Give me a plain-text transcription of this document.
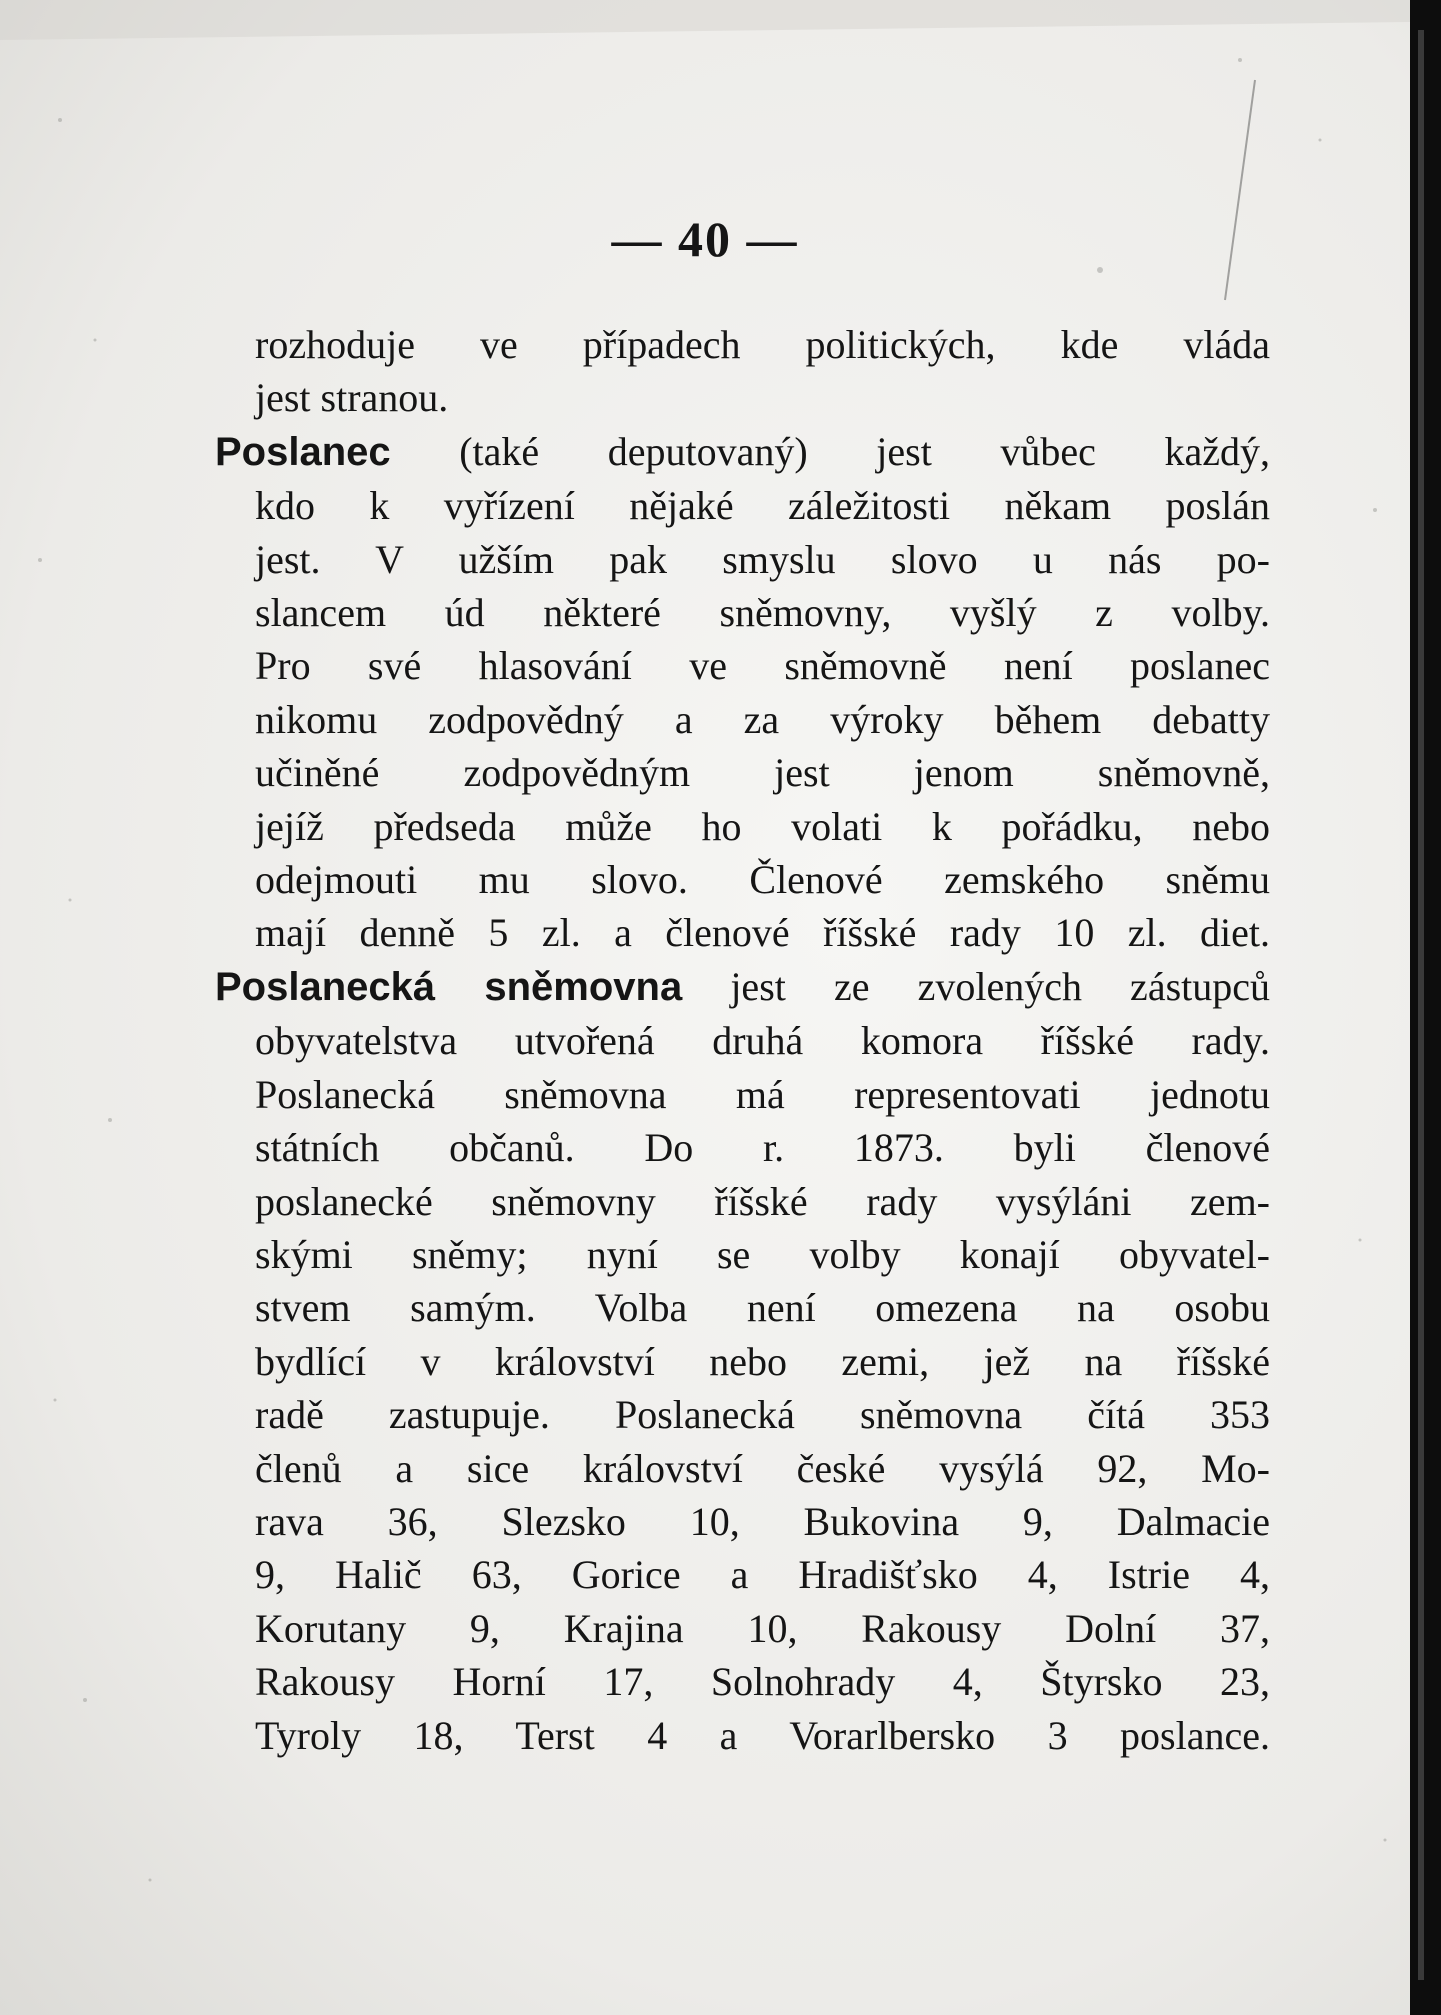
— 40 —
rozhoduje ve případech politických, kde vláda
jest stranou.
Poslanec (také deputovaný) jest vůbec každý,
kdo k vyřízení nějaké záležitosti někam poslán
jest. V užším pak smyslu slovo u nás po-
slancem úd některé sněmovny, vyšlý z volby.
Pro své hlasování ve sněmovně není poslanec
nikomu zodpovědný a za výroky během debatty
učiněné zodpovědným jest jenom sněmovně,
jejíž předseda může ho volati k pořádku, nebo
odejmouti mu slovo. Členové zemského sněmu
mají denně 5 zl. a členové říšské rady 10 zl. diet.
Poslanecká sněmovna jest ze zvolených zástupců
obyvatelstva utvořená druhá komora říšské rady.
Poslanecká sněmovna má representovati jednotu
státních občanů. Do r. 1873. byli členové
poslanecké sněmovny říšské rady vysýláni zem-
skými sněmy; nyní se volby konají obyvatel-
stvem samým. Volba není omezena na osobu
bydlící v království nebo zemi, jež na říšské
radě zastupuje. Poslanecká sněmovna čítá 353
členů a sice království české vysýlá 92, Mo-
rava 36, Slezsko 10, Bukovina 9, Dalmacie
9, Halič 63, Gorice a Hradišťsko 4, Istrie 4,
Korutany 9, Krajina 10, Rakousy Dolní 37,
Rakousy Horní 17, Solnohrady 4, Štyrsko 23,
Tyroly 18, Terst 4 a Vorarlbersko 3 poslance.
